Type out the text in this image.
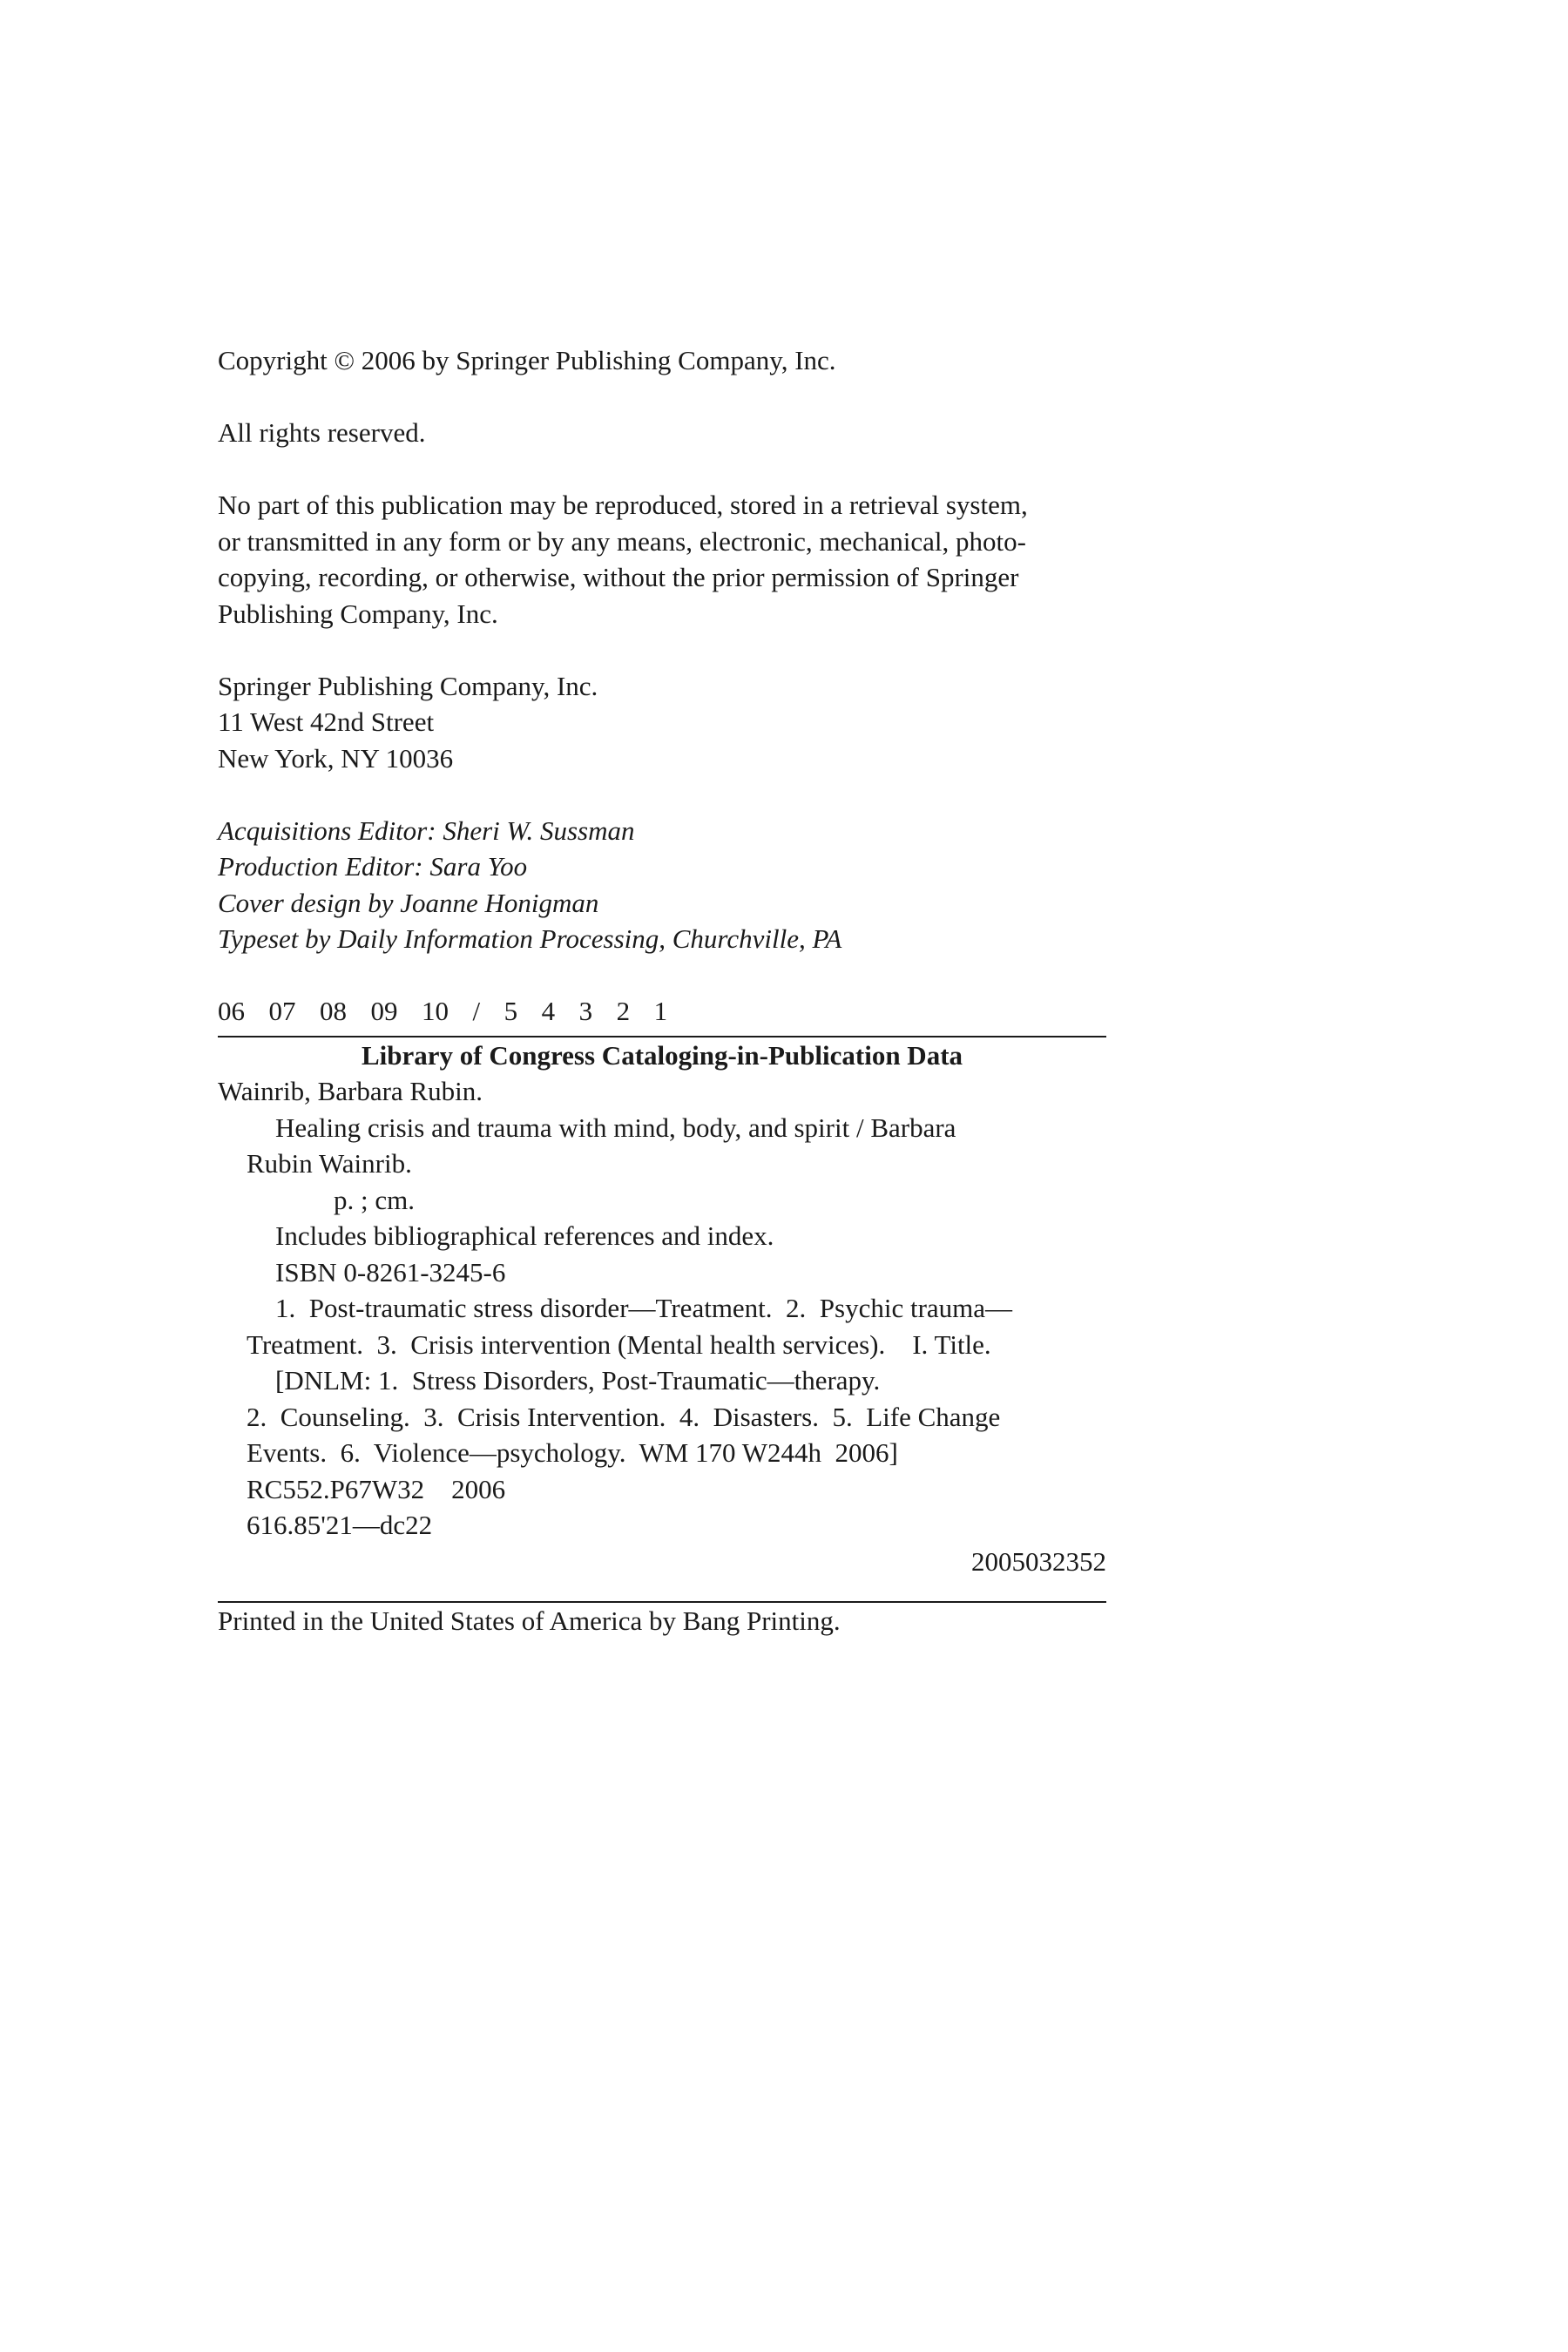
Copyright © 2006 by Springer Publishing Company, Inc.

All rights reserved.

No part of this publication may be reproduced, stored in a retrieval system,

or transmitted in any form or by any means, electronic, mechanical, photo-

copying, recording, or otherwise, without the prior permission of Springer

Publishing Company, Inc.

Springer Publishing Company, Inc.

11 West 42nd Street

New York, NY 10036

Acquisitions Editor: Sheri W. Sussman

Production Editor: Sara Yoo

Cover design by Joanne Honigman

Typeset by Daily Information Processing, Churchville, PA

06  07  08  09  10  /  5  4  3  2  1

Library of Congress Cataloging-in-Publication Data

Wainrib, Barbara Rubin.

Healing crisis and trauma with mind, body, and spirit / Barbara

Rubin Wainrib.

p. ; cm.

Includes bibliographical references and index.

ISBN 0-8261-3245-6

1.  Post-traumatic stress disorder—Treatment.  2.  Psychic trauma—

Treatment.  3.  Crisis intervention (Mental health services).    I. Title.

[DNLM: 1.  Stress Disorders, Post-Traumatic—therapy.

2.  Counseling.  3.  Crisis Intervention.  4.  Disasters.  5.  Life Change

Events.  6.  Violence—psychology.  WM 170 W244h  2006]

RC552.P67W32    2006

616.85'21—dc22

2005032352

Printed in the United States of America by Bang Printing.
